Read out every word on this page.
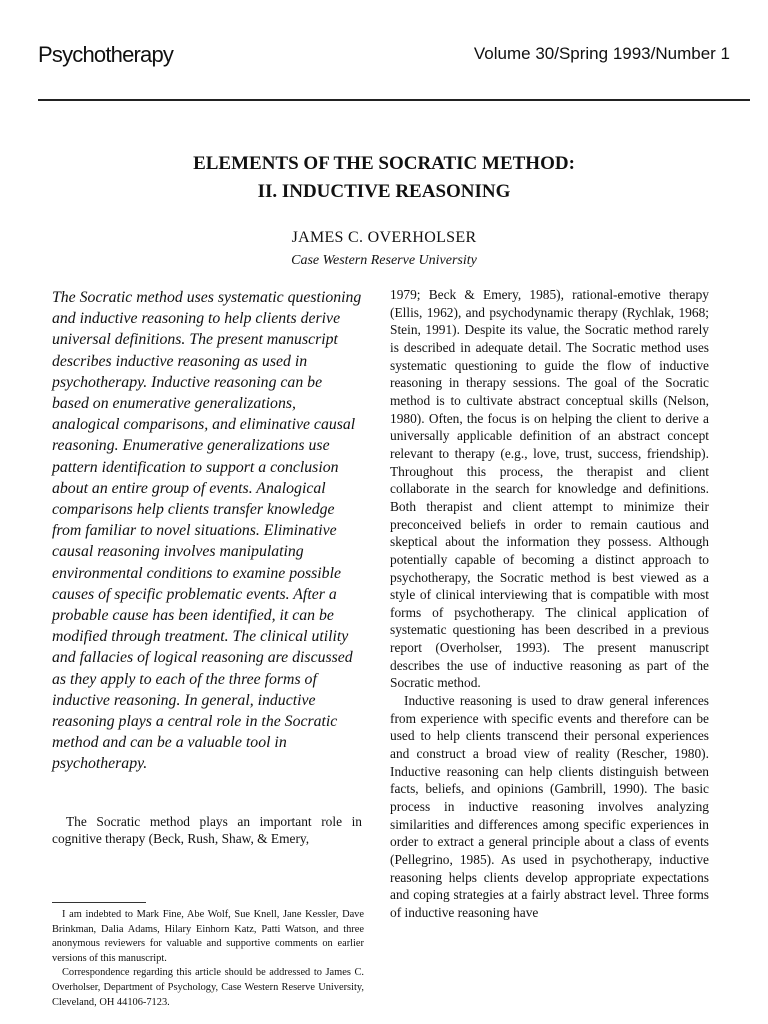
Psychotherapy	Volume 30/Spring 1993/Number 1
ELEMENTS OF THE SOCRATIC METHOD:
II. INDUCTIVE REASONING
JAMES C. OVERHOLSER
Case Western Reserve University

The Socratic method uses systematic questioning and inductive reasoning to help clients derive universal definitions. The present manuscript describes inductive reasoning as used in psychotherapy. Inductive reasoning can be based on enumerative generalizations, analogical comparisons, and eliminative causal reasoning. Enumerative generalizations use pattern identification to support a conclusion about an entire group of events. Analogical comparisons help clients transfer knowledge from familiar to novel situations. Eliminative causal reasoning involves manipulating environmental conditions to examine possible causes of specific problematic events. After a probable cause has been identified, it can be modified through treatment. The clinical utility and fallacies of logical reasoning are discussed as they apply to each of the three forms of inductive reasoning. In general, inductive reasoning plays a central role in the Socratic method and can be a valuable tool in psychotherapy.

The Socratic method plays an important role in cognitive therapy (Beck, Rush, Shaw, & Emery,

I am indebted to Mark Fine, Abe Wolf, Sue Knell, Jane Kessler, Dave Brinkman, Dalia Adams, Hilary Einhorn Katz, Patti Watson, and three anonymous reviewers for valuable and supportive comments on earlier versions of this manuscript.

Correspondence regarding this article should be addressed to James C. Overholser, Department of Psychology, Case Western Reserve University, Cleveland, OH 44106-7123.

1979; Beck & Emery, 1985), rational-emotive therapy (Ellis, 1962), and psychodynamic therapy (Rychlak, 1968; Stein, 1991). Despite its value, the Socratic method rarely is described in adequate detail. The Socratic method uses systematic questioning to guide the flow of inductive reasoning in therapy sessions. The goal of the Socratic method is to cultivate abstract conceptual skills (Nelson, 1980). Often, the focus is on helping the client to derive a universally applicable definition of an abstract concept relevant to therapy (e.g., love, trust, success, friendship). Throughout this process, the therapist and client collaborate in the search for knowledge and definitions. Both therapist and client attempt to minimize their preconceived beliefs in order to remain cautious and skeptical about the information they possess. Although potentially capable of becoming a distinct approach to psychotherapy, the Socratic method is best viewed as a style of clinical interviewing that is compatible with most forms of psychotherapy. The clinical application of systematic questioning has been described in a previous report (Overholser, 1993). The present manuscript describes the use of inductive reasoning as part of the Socratic method.

Inductive reasoning is used to draw general inferences from experience with specific events and therefore can be used to help clients transcend their personal experiences and construct a broad view of reality (Rescher, 1980). Inductive reasoning can help clients distinguish between facts, beliefs, and opinions (Gambrill, 1990). The basic process in inductive reasoning involves analyzing similarities and differences among specific experiences in order to extract a general principle about a class of events (Pellegrino, 1985). As used in psychotherapy, inductive reasoning helps clients develop appropriate expectations and coping strategies at a fairly abstract level. Three forms of inductive reasoning have
